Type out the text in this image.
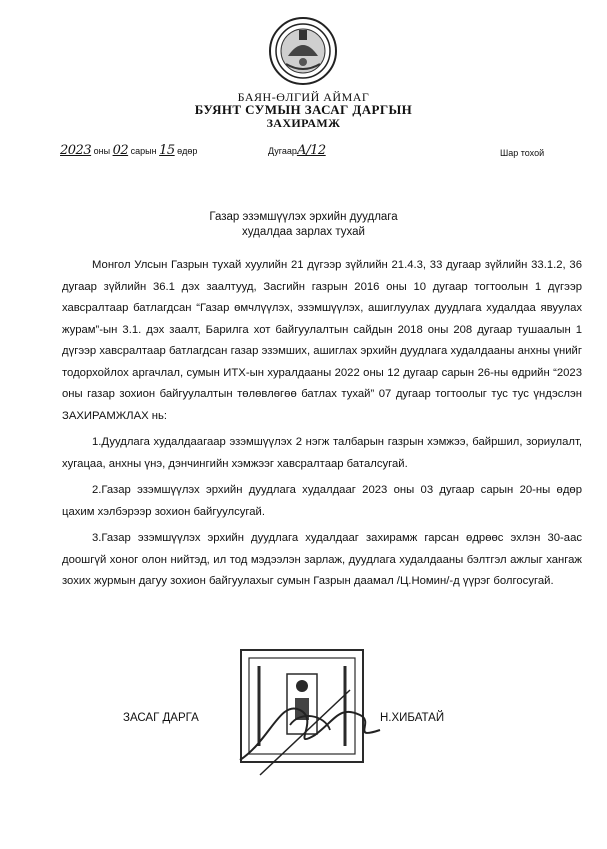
БАЯН-ӨЛГИЙ АЙМАГ
БУЯНТ СУМЫН ЗАСАГ ДАРГЫН
ЗАХИРАМЖ
2023 оны 02 сарын 15 өдөр	ДугаарА/12	Шар тохой
Газар эзэмшүүлэх эрхийн дуудлага
худалдаа зарлах тухай

Монгол Улсын Газрын тухай хуулийн 21 дүгээр зүйлийн 21.4.3, 33 дугаар зүйлийн 33.1.2, 36 дугаар зүйлийн 36.1 дэх заалтууд, Засгийн газрын 2016 оны 10 дугаар тогтоолын 1 дүгээр хавсралтаар батлагдсан “Газар өмчлүүлэх, эзэмшүүлэх, ашиглуулах дуудлага худалдаа явуулах журам”-ын 3.1. дэх заалт, Барилга хот байгуулалтын сайдын 2018 оны 208 дугаар тушаалын 1 дүгээр хавсралтаар батлагдсан газар эзэмших, ашиглах эрхийн дуудлага худалдааны анхны үнийг тодорхойлох аргачлал, сумын ИТХ-ын хуралдааны 2022 оны 12 дугаар сарын 26-ны өдрийн “2023 оны газар зохион байгуулалтын төлөвлөгөө батлах тухай” 07 дугаар тогтоолыг тус тус үндэслэн ЗАХИРАМЖЛАХ нь:

1.Дуудлага худалдаагаар эзэмшүүлэх 2 нэгж талбарын газрын хэмжээ, байршил, зориулалт, хугацаа, анхны үнэ, дэнчингийн хэмжээг хавсралтаар баталсугай.

2.Газар эзэмшүүлэх эрхийн дуудлага худалдааг 2023 оны 03 дугаар сарын 20-ны өдөр цахим хэлбэрээр зохион байгуулсугай.

3.Газар эзэмшүүлэх эрхийн дуудлага худалдааг захирамж гарсан өдрөөс эхлэн 30-аас доошгүй хоног олон нийтэд, ил тод мэдээлэн зарлаж, дуудлага худалдааны бэлтгэл ажлыг хангаж зохих журмын дагуу зохион байгуулахыг сумын Газрын даамал /Ц.Номин/-д үүрэг болгосугай.

ЗАСАГ ДАРГА	Н.ХИБАТАЙ
